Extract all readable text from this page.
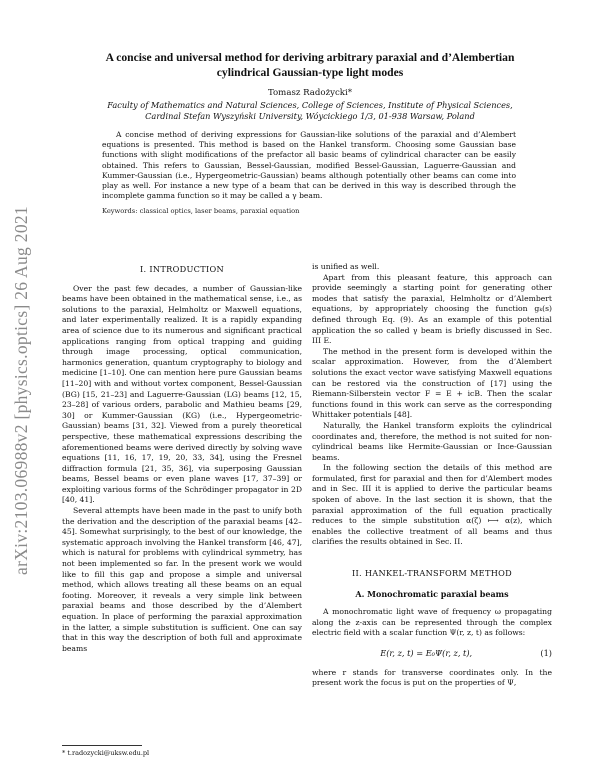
arXiv:2103.06988v2 [physics.optics] 26 Aug 2021
A concise and universal method for deriving arbitrary paraxial and d’Alembertian
cylindrical Gaussian-type light modes
Tomasz Radożycki*
Faculty of Mathematics and Natural Sciences, College of Sciences, Institute of Physical Sciences,
Cardinal Stefan Wyszyński University, Wóycickiego 1/3, 01-938 Warsaw, Poland
A concise method of deriving expressions for Gaussian-like solutions of the paraxial and d’Alembert equations is presented. This method is based on the Hankel transform. Choosing some Gaussian base functions with slight modifications of the prefactor all basic beams of cylindrical character can be easily obtained. This refers to Gaussian, Bessel-Gaussian, modified Bessel-Gaussian, Laguerre-Gaussian and Kummer-Gaussian (i.e., Hypergeometric-Gaussian) beams although potentially other beams can come into play as well. For instance a new type of a beam that can be derived in this way is described through the incomplete gamma function so it may be called a γ beam.
Keywords: classical optics, laser beams, paraxial equation
I. INTRODUCTION

Over the past few decades, a number of Gaussian-like beams have been obtained in the mathematical sense, i.e., as solutions to the paraxial, Helmholtz or Maxwell equations, and later experimentally realized. It is a rapidly expanding area of science due to its numerous and significant practical applications ranging from optical trapping and guiding through image processing, optical communication, harmonics generation, quantum cryptography to biology and medicine [1–10]. One can mention here pure Gaussian beams [11–20] with and without vortex component, Bessel-Gaussian (BG) [15, 21–23] and Laguerre-Gaussian (LG) beams [12, 15, 23–28] of various orders, parabolic and Mathieu beams [29, 30] or Kummer-Gaussian (KG) (i.e., Hypergeometric-Gaussian) beams [31, 32]. Viewed from a purely theoretical perspective, these mathematical expressions describing the aforementioned beams were derived directly by solving wave equations [11, 16, 17, 19, 20, 33, 34], using the Fresnel diffraction formula [21, 35, 36], via superposing Gaussian beams, Bessel beams or even plane waves [17, 37–39] or exploiting various forms of the Schrödinger propagator in 2D [40, 41].

Several attempts have been made in the past to unify both the derivation and the description of the paraxial beams [42–45]. Somewhat surprisingly, to the best of our knowledge, the systematic approach involving the Hankel transform [46, 47], which is natural for problems with cylindrical symmetry, has not been implemented so far. In the present work we would like to fill this gap and propose a simple and universal method, which allows treating all these beams on an equal footing. Moreover, it reveals a very simple link between paraxial beams and those described by the d’Alembert equation. In place of performing the paraxial approximation in the latter, a simple substitution is sufficient. One can say that in this way the description of both full and approximate beams

is unified as well.

Apart from this pleasant feature, this approach can provide seemingly a starting point for generating other modes that satisfy the paraxial, Helmholtz or d’Alembert equations, by appropriately choosing the function gₖ(s) defined through Eq. (9). As an example of this potential application the so called γ beam is briefly discussed in Sec. III E.

The method in the present form is developed within the scalar approximation. However, from the d’Alembert solutions the exact vector wave satisfying Maxwell equations can be restored via the construction of [17] using the Riemann-Silberstein vector F = E + icB. Then the scalar functions found in this work can serve as the corresponding Whittaker potentials [48].

Naturally, the Hankel transform exploits the cylindrical coordinates and, therefore, the method is not suited for non-cylindrical beams like Hermite-Gaussian or Ince-Gaussian beams.

In the following section the details of this method are formulated, first for paraxial and then for d’Alembert modes and in Sec. III it is applied to derive the particular beams spoken of above. In the last section it is shown, that the paraxial approximation of the full equation practically reduces to the simple substitution α(ζ) ⟼ α(z), which enables the collective treatment of all beams and thus clarifies the results obtained in Sec. II.

II. HANKEL-TRANSFORM METHOD
A. Monochromatic paraxial beams

A monochromatic light wave of frequency ω propagating along the z-axis can be represented through the complex electric field with a scalar function Ψ(r, z, t) as follows:

E(r, z, t) = E₀Ψ(r, z, t),	(1)

where r stands for transverse coordinates only. In the present work the focus is put on the properties of Ψ,

* t.radozycki@uksw.edu.pl
